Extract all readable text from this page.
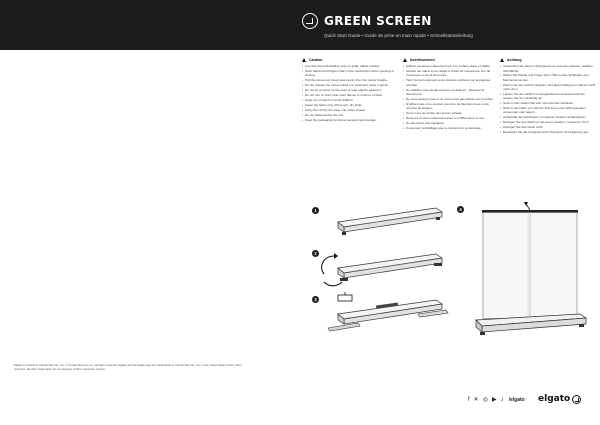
GREEN SCREEN
Quick Start Guide • Guide de prise en main rapide • Schnellstartanleitung
Caution
• Use this screen/backdrop only on a flat, stable surface.
• Keep hands and fingers clear of the mechanism when opening or closing.
• Pull the screen up slowly and evenly from the center handle.
• Do not release the screen while it is extended; lower it gently.
• Do not sit or stand on the case or lean objects against it.
• Do not use or store near open flames or sources of heat.
• Keep out of reach of small children.
• Clean the fabric only with a soft, dry cloth.
• Carry the unit by the case only when closed.
• Do not disassemble the unit.
• Keep the packaging for future transport and storage.
Avertissement
• Utilisez cet écran uniquement sur une surface plane et stable.
• Gardez les mains et les doigts à l'écart du mécanisme lors de l'ouverture ou de la fermeture.
• Tirez l'écran lentement et de manière uniforme par la poignée centrale.
• Ne relâchez pas l'écran lorsqu'il est déployé ; abaissez-le doucement.
• Ne vous asseyez pas et ne vous tenez pas debout sur le boîtier.
• N'utilisez pas et ne stockez pas près de flammes nues ou de sources de chaleur.
• Tenez hors de portée des jeunes enfants.
• Nettoyez le tissu uniquement avec un chiffon doux et sec.
• Ne démontez pas l'appareil.
• Conservez l'emballage pour le transport et le stockage.
Achtung
• Verwenden Sie diesen Hintergrund nur auf einer ebenen, stabilen Oberfläche.
• Halten Sie Hände und Finger beim Öffnen oder Schließen vom Mechanismus fern.
• Ziehen Sie den Schirm langsam und gleichmäßig am mittleren Griff nach oben.
• Lassen Sie den Schirm im ausgefahrenen Zustand nicht los; senken Sie ihn vorsichtig ab.
• Setzen oder stellen Sie sich nicht auf das Gehäuse.
• Nicht in der Nähe von offenen Flammen oder Wärmequellen verwenden oder lagern.
• Außerhalb der Reichweite von kleinen Kindern aufbewahren.
• Reinigen Sie den Stoff nur mit einem weichen, trockenen Tuch.
• Zerlegen Sie das Gerät nicht.
• Bewahren Sie die Verpackung für Transport und Lagerung auf.
1
2
3
4
Elgato is a brand of Corsair Memory, Inc. © Corsair Memory, Inc. All rights reserved. Elgato and the Elgato logo are trademarks of Corsair Memory, Inc. in the United States and/or other countries. All other trademarks are the property of their respective owners.
f ✕ ◎ ▶ ♪ /elgato elgato
